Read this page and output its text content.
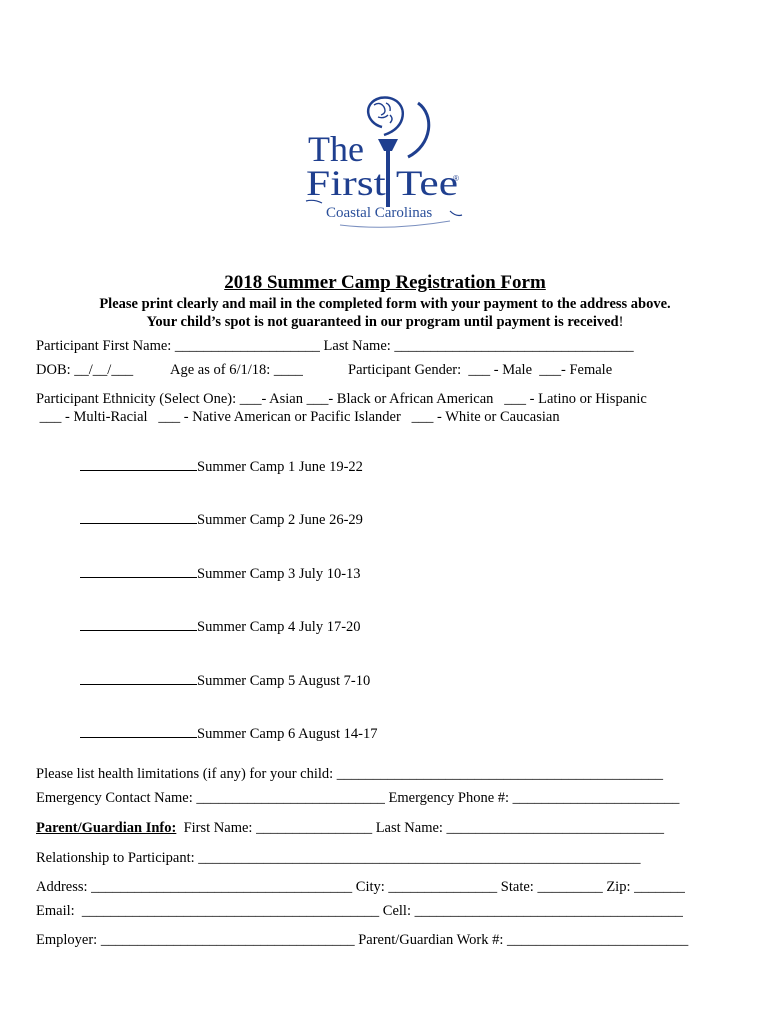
The
First Tee
®
Coastal Carolinas
2018 Summer Camp Registration Form
Please print clearly and mail in the completed form with your payment to the address above.
Your child’s spot is not guaranteed in our program until payment is received!
Participant First Name: ____________________ Last Name: _________________________________
DOB: __/__/___	Age as of 6/1/18: ____	Participant Gender:  ___ - Male  ___- Female
Participant Ethnicity (Select One): ___- Asian ___- Black or African American   ___ - Latino or Hispanic
___ - Multi-Racial   ___ - Native American or Pacific Islander   ___ - White or Caucasian
Summer Camp 1 June 19-22
Summer Camp 2 June 26-29
Summer Camp 3 July 10-13
Summer Camp 4 July 17-20
Summer Camp 5 August 7-10
Summer Camp 6 August 14-17
Please list health limitations (if any) for your child: _____________________________________________
Emergency Contact Name: __________________________ Emergency Phone #: _______________________
Parent/Guardian Info:  First Name: ________________ Last Name: ______________________________
Relationship to Participant: _____________________________________________________________
Address: ____________________________________ City: _______________ State: _________ Zip: _______
Email:  _________________________________________ Cell: _____________________________________
Employer: ___________________________________ Parent/Guardian Work #: _________________________
